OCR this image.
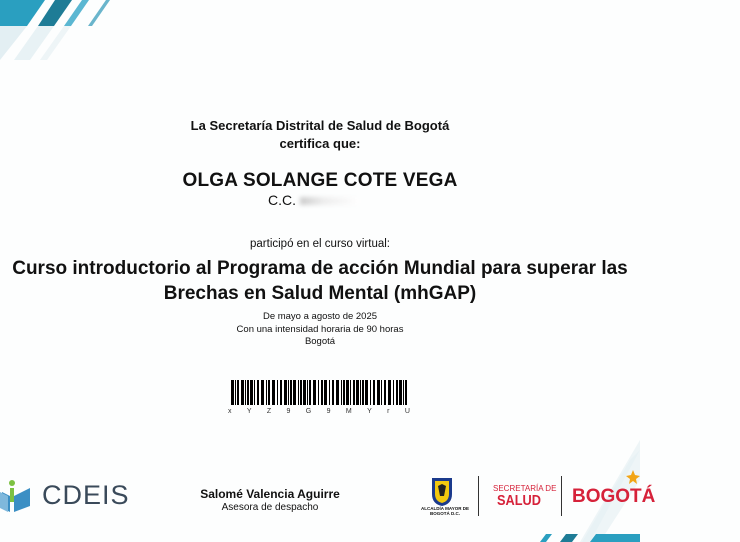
La Secretaría Distrital de Salud de Bogotá
certifica que:
OLGA SOLANGE COTE VEGA
C.C.
participó en el curso virtual:
Curso introductorio al Programa de acción Mundial para superar las
Brechas en Salud Mental (mhGAP)
De mayo a agosto de 2025
Con una intensidad horaria de 90 horas
Bogotá
x Y Z 9 G 9 M Y r U
CDEIS	Salomé Valencia Aguirre
Asesora de despacho	ALCALDÍA MAYOR DE BOGOTÁ D.C.
SECRETARÍA DE
SALUD BOGOTÁ
